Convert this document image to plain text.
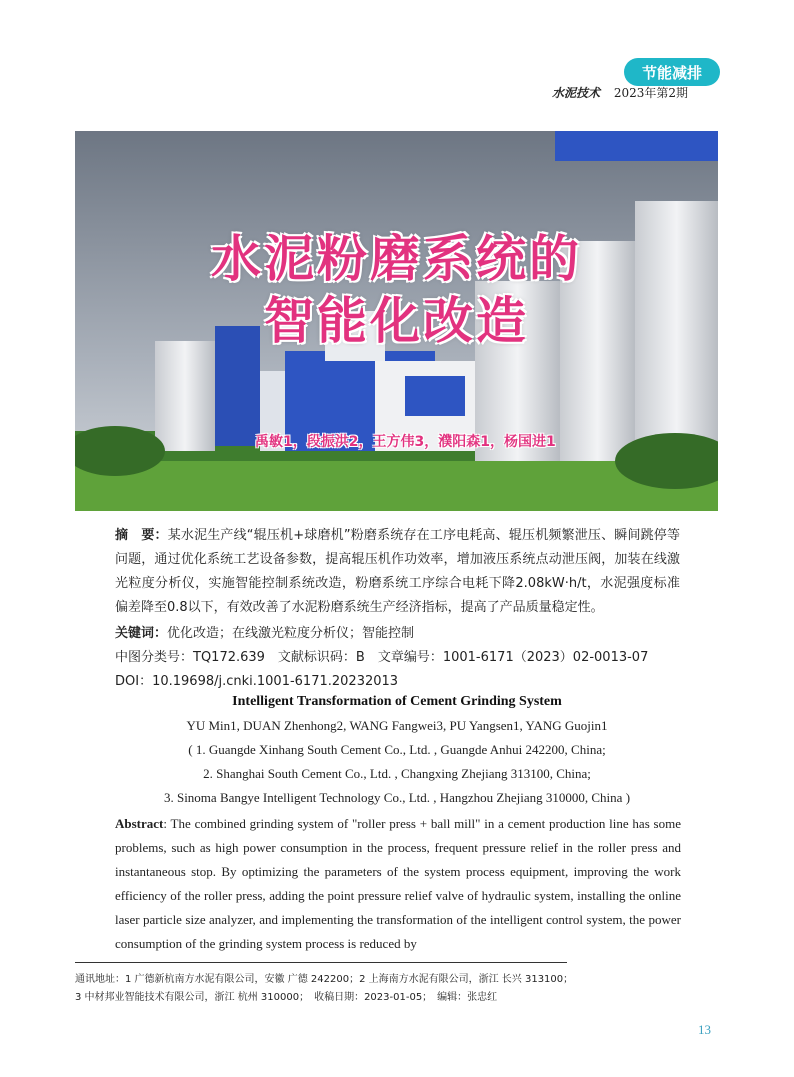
节能减排
水泥技术 2023年第2期
水泥粉磨系统的
智能化改造
禹敏1，段振洪2，王方伟3，濮阳森1，杨国进1
摘　要：某水泥生产线“辊压机+球磨机”粉磨系统存在工序电耗高、辊压机频繁泄压、瞬间跳停等问题，通过优化系统工艺设备参数，提高辊压机作功效率，增加液压系统点动泄压阀，加装在线激光粒度分析仪，实施智能控制系统改造，粉磨系统工序综合电耗下降2.08kW·h/t，水泥强度标准偏差降至0.8以下，有效改善了水泥粉磨系统生产经济指标，提高了产品质量稳定性。
关键词：优化改造；在线激光粒度分析仪；智能控制
中图分类号：TQ172.639　文献标识码：B　文章编号：1001-6171（2023）02-0013-07
DOI：10.19698/j.cnki.1001-6171.20232013
Intelligent Transformation of Cement Grinding System
YU Min1, DUAN Zhenhong2, WANG Fangwei3, PU Yangsen1, YANG Guojin1
( 1. Guangde Xinhang South Cement Co., Ltd. , Guangde Anhui 242200, China;
2. Shanghai South Cement Co., Ltd. , Changxing Zhejiang 313100, China;
3. Sinoma Bangye Intelligent Technology Co., Ltd. , Hangzhou Zhejiang 310000, China )
Abstract: The combined grinding system of "roller press + ball mill" in a cement production line has some problems, such as high power consumption in the process, frequent pressure relief in the roller press and instantaneous stop. By optimizing the parameters of the system process equipment, improving the work efficiency of the roller press, adding the point pressure relief valve of hydraulic system, installing the online laser particle size analyzer, and implementing the transformation of the intelligent control system, the power consumption of the grinding system process is reduced by
通讯地址：1 广德新杭南方水泥有限公司，安徽 广德 242200；2 上海南方水泥有限公司，浙江 长兴 313100；
3 中材邦业智能技术有限公司，浙江 杭州 310000；　收稿日期：2023-01-05；　编辑：张忠红
13
